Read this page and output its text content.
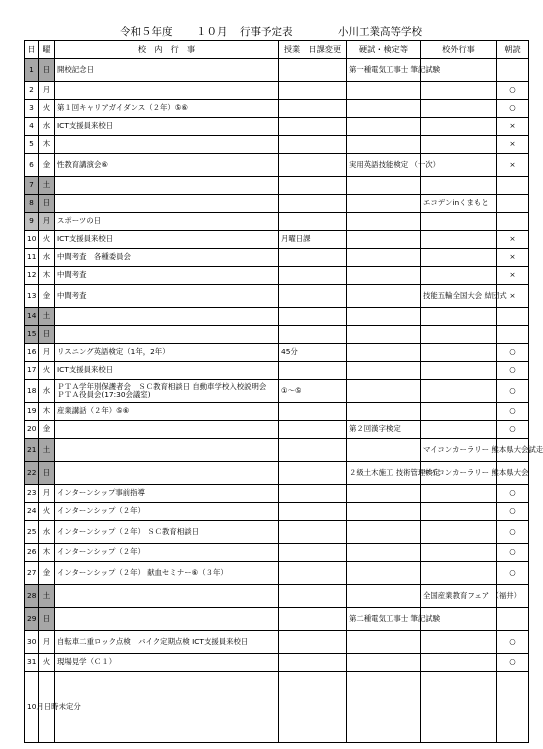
令和５年度 １０月 行事予定表	小川工業高等学校
日	曜	校　内　行　事	授業　日課変更	硬試・検定等	校外行事	朝読
1	日	開校記念日		第一種電気工事士 筆記試験		
2	月					○
3	火	第１回キャリアガイダンス（２年）⑤⑥				○
4	水	ICT支援員来校日				×
5	木					×
6	金	性教育講演会⑥		実用英語技能検定 （一次）		×
7	土					
8	日				エコデンinくまもと	
9	月	スポーツの日				
10	火	ICT支援員来校日	月曜日課			×
11	水	中間考査　各種委員会				×
12	木	中間考査				×
13	金	中間考査			技能五輪全国大会 結団式	×
14	土					
15	日					
16	月	リスニング英語検定（1年，2年）	45分			○
17	火	ICT支援員来校日				○
18	水	ＰＴＡ学年別保護者会　ＳＣ教育相談日 自動車学校入校説明会　ＰＴＡ役員会(17:30会議室)	①～⑤			○
19	木	産業講話（２年）⑤⑥				○
20	金			第２回漢字検定		○
21	土				マイコンカーラリー 熊本県大会試走	
22	日			２級土木施工 技術管理検定	マイコンカーラリー 熊本県大会	
23	月	インターンシップ事前指導				○
24	火	インターンシップ（２年）				○
25	水	インターンシップ（２年） ＳＣ教育相談日				○
26	木	インターンシップ（２年）				○
27	金	インターンシップ（２年） 献血セミナー⑥（３年）				○
28	土				全国産業教育フェア （福井）	
29	日			第二種電気工事士 筆記試験		
30	月	自転車二重ロック点検　バイク定期点検 ICT支援員来校日				○
31	火	現場見学（Ｃ１）				○
10月日時未定分						
